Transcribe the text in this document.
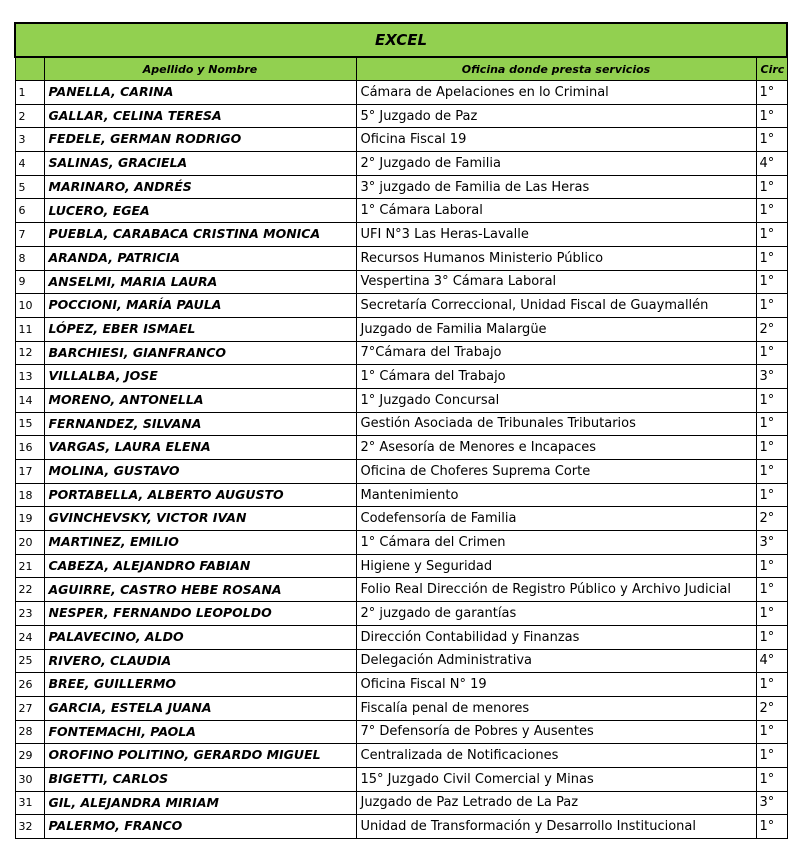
EXCEL			
	Apellido y Nombre	Oficina donde presta servicios	Circ
1	PANELLA, CARINA	Cámara de Apelaciones en lo Criminal	1°
2	GALLAR, CELINA TERESA	5° Juzgado de Paz	1°
3	FEDELE, GERMAN RODRIGO	Oficina Fiscal 19	1°
4	SALINAS, GRACIELA	2° Juzgado de Familia	4°
5	MARINARO, ANDRÉS	3° juzgado de Familia de Las Heras	1°
6	LUCERO, EGEA	1° Cámara Laboral	1°
7	PUEBLA, CARABACA CRISTINA MONICA	UFI N°3 Las Heras-Lavalle	1°
8	ARANDA, PATRICIA	Recursos Humanos Ministerio Público	1°
9	ANSELMI, MARIA LAURA	Vespertina 3° Cámara Laboral	1°
10	POCCIONI, MARÍA PAULA	Secretaría Correccional, Unidad Fiscal de Guaymallén	1°
11	LÓPEZ, EBER ISMAEL	Juzgado de Familia Malargüe	2°
12	BARCHIESI, GIANFRANCO	7°Cámara del Trabajo	1°
13	VILLALBA, JOSE	1° Cámara del Trabajo	3°
14	MORENO, ANTONELLA	1° Juzgado Concursal	1°
15	FERNANDEZ, SILVANA	Gestión Asociada de Tribunales Tributarios	1°
16	VARGAS, LAURA ELENA	2° Asesoría de Menores e Incapaces	1°
17	MOLINA, GUSTAVO	Oficina de Choferes Suprema Corte	1°
18	PORTABELLA, ALBERTO AUGUSTO	Mantenimiento	1°
19	GVINCHEVSKY, VICTOR IVAN	Codefensoría de Familia	2°
20	MARTINEZ, EMILIO	1° Cámara del Crimen	3°
21	CABEZA, ALEJANDRO FABIAN	Higiene y Seguridad	1°
22	AGUIRRE, CASTRO HEBE ROSANA	Folio Real Dirección de Registro Público y Archivo Judicial	1°
23	NESPER, FERNANDO LEOPOLDO	2° juzgado de garantías	1°
24	PALAVECINO, ALDO	Dirección Contabilidad y Finanzas	1°
25	RIVERO, CLAUDIA	Delegación Administrativa	4°
26	BREE, GUILLERMO	Oficina Fiscal N° 19	1°
27	GARCIA, ESTELA JUANA	Fiscalía penal de menores	2°
28	FONTEMACHI, PAOLA	7° Defensoría de Pobres y Ausentes	1°
29	OROFINO POLITINO, GERARDO MIGUEL	Centralizada de Notificaciones	1°
30	BIGETTI, CARLOS	15° Juzgado Civil Comercial y Minas	1°
31	GIL, ALEJANDRA MIRIAM	Juzgado de Paz Letrado de La Paz	3°
32	PALERMO, FRANCO	Unidad de Transformación y Desarrollo Institucional	1°
